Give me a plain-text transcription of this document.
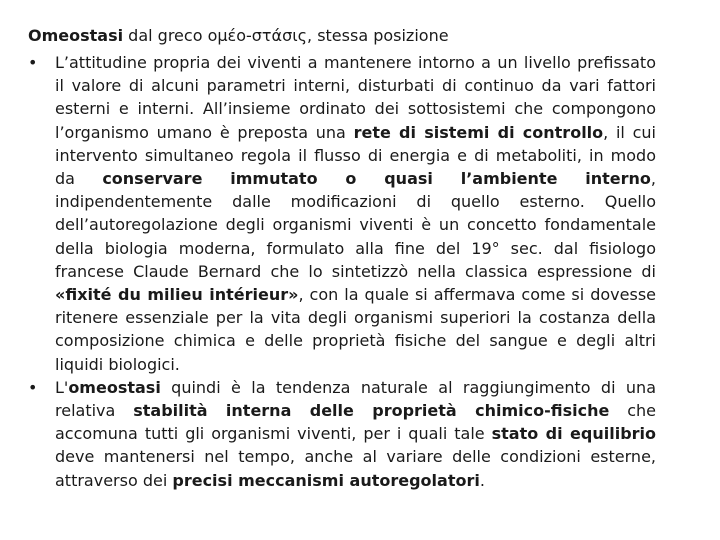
Omeostasi dal greco ομέο-στάσις, stessa posizione

•	L’attitudine propria dei viventi a mantenere intorno a un livello prefissato il valore di alcuni parametri interni, disturbati di continuo da vari fattori esterni e interni. All’insieme ordinato dei sottosistemi che compongono l’organismo umano è preposta una rete di sistemi di controllo, il cui intervento simultaneo regola il flusso di energia e di metaboliti, in modo da conservare immutato o quasi l’ambiente interno, indipendentemente dalle modificazioni di quello esterno. Quello dell’autoregolazione degli organismi viventi è un concetto fondamentale della biologia moderna, formulato alla fine del 19° sec. dal fisiologo francese Claude Bernard che lo sintetizzò nella classica espressione di «fixité du milieu intérieur», con la quale si affermava come si dovesse ritenere essenziale per la vita degli organismi superiori la costanza della composizione chimica e delle proprietà fisiche del sangue e degli altri liquidi biologici.
•	L'omeostasi quindi è la tendenza naturale al raggiungimento di una relativa stabilità interna delle proprietà chimico-fisiche che accomuna tutti gli organismi viventi, per i quali tale stato di equilibrio deve mantenersi nel tempo, anche al variare delle condizioni esterne, attraverso dei precisi meccanismi autoregolatori.
